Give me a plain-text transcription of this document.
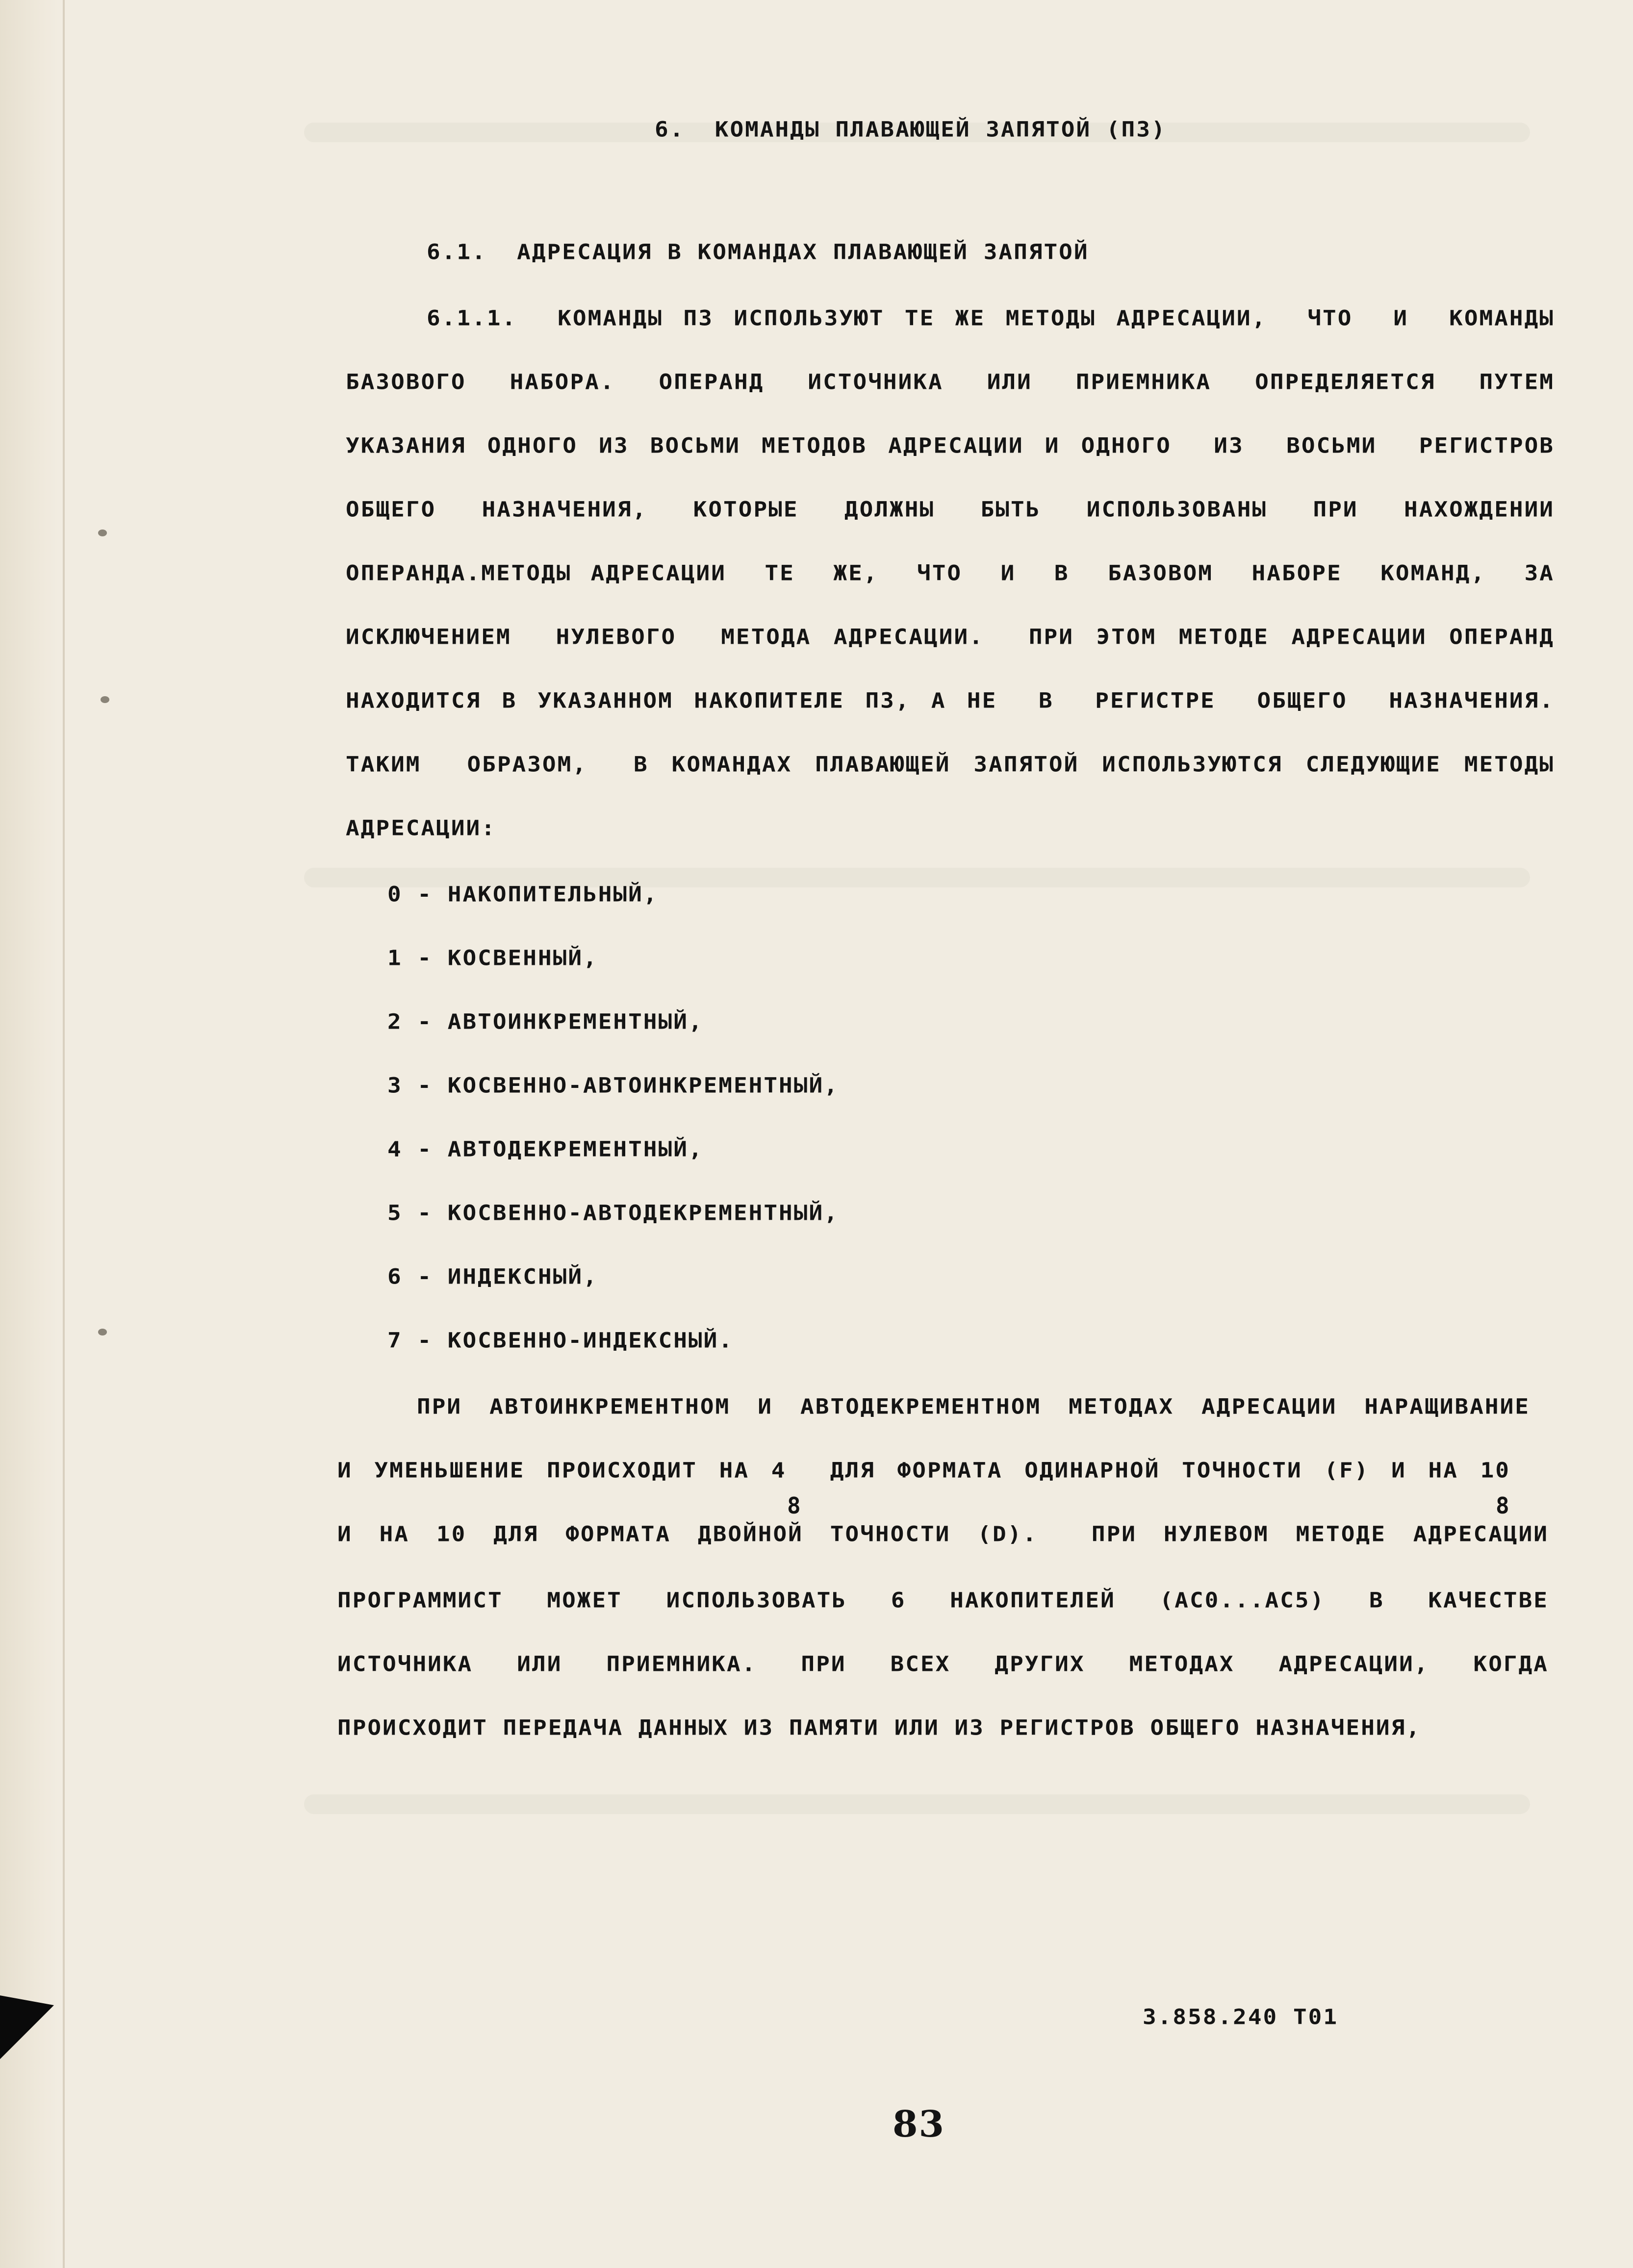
6.  КОМАНДЫ ПЛАВАЮЩЕЙ ЗАПЯТОЙ (ПЗ)
6.1.  АДРЕСАЦИЯ В КОМАНДАХ ПЛАВАЮЩЕЙ ЗАПЯТОЙ
6.1.1.  КОМАНДЫ ПЗ ИСПОЛЬЗУЮТ ТЕ ЖЕ МЕТОДЫ АДРЕСАЦИИ,  ЧТО  И  КОМАНДЫ
БАЗОВОГО  НАБОРА.  ОПЕРАНД  ИСТОЧНИКА  ИЛИ  ПРИЕМНИКА  ОПРЕДЕЛЯЕТСЯ  ПУТЕМ
УКАЗАНИЯ ОДНОГО ИЗ ВОСЬМИ МЕТОДОВ АДРЕСАЦИИ И ОДНОГО  ИЗ  ВОСЬМИ  РЕГИСТРОВ
ОБЩЕГО  НАЗНАЧЕНИЯ,  КОТОРЫЕ  ДОЛЖНЫ  БЫТЬ  ИСПОЛЬЗОВАНЫ  ПРИ  НАХОЖДЕНИИ
ОПЕРАНДА.МЕТОДЫ АДРЕСАЦИИ  ТЕ  ЖЕ,  ЧТО  И  В  БАЗОВОМ  НАБОРЕ  КОМАНД,  ЗА
ИСКЛЮЧЕНИЕМ  НУЛЕВОГО  МЕТОДА АДРЕСАЦИИ.  ПРИ ЭТОМ МЕТОДЕ АДРЕСАЦИИ ОПЕРАНД
НАХОДИТСЯ В УКАЗАННОМ НАКОПИТЕЛЕ ПЗ, А НЕ  В  РЕГИСТРЕ  ОБЩЕГО  НАЗНАЧЕНИЯ.
ТАКИМ  ОБРАЗОМ,  В КОМАНДАХ ПЛАВАЮЩЕЙ ЗАПЯТОЙ ИСПОЛЬЗУЮТСЯ СЛЕДУЮЩИЕ МЕТОДЫ
АДРЕСАЦИИ:
0 - НАКОПИТЕЛЬНЫЙ,
1 - КОСВЕННЫЙ,
2 - АВТОИНКРЕМЕНТНЫЙ,
3 - КОСВЕННО-АВТОИНКРЕМЕНТНЫЙ,
4 - АВТОДЕКРЕМЕНТНЫЙ,
5 - КОСВЕННО-АВТОДЕКРЕМЕНТНЫЙ,
6 - ИНДЕКСНЫЙ,
7 - КОСВЕННО-ИНДЕКСНЫЙ.
ПРИ АВТОИНКРЕМЕНТНОМ И АВТОДЕКРЕМЕНТНОМ МЕТОДАХ АДРЕСАЦИИ НАРАЩИВАНИЕ
И УМЕНЬШЕНИЕ ПРОИСХОДИТ НА 4  ДЛЯ ФОРМАТА ОДИНАРНОЙ ТОЧНОСТИ (F) И НА 10
8	8
И НА 10 ДЛЯ ФОРМАТА ДВОЙНОЙ ТОЧНОСТИ (D).  ПРИ НУЛЕВОМ МЕТОДЕ АДРЕСАЦИИ
ПРОГРАММИСТ  МОЖЕТ  ИСПОЛЬЗОВАТЬ  6  НАКОПИТЕЛЕЙ  (AC0...AC5)  В  КАЧЕСТВЕ
ИСТОЧНИКА  ИЛИ  ПРИЕМНИКА.  ПРИ  ВСЕХ  ДРУГИХ  МЕТОДАХ  АДРЕСАЦИИ,  КОГДА
ПРОИСХОДИТ ПЕРЕДАЧА ДАННЫХ ИЗ ПАМЯТИ ИЛИ ИЗ РЕГИСТРОВ ОБЩЕГО НАЗНАЧЕНИЯ,
3.858.240 Т01
83
